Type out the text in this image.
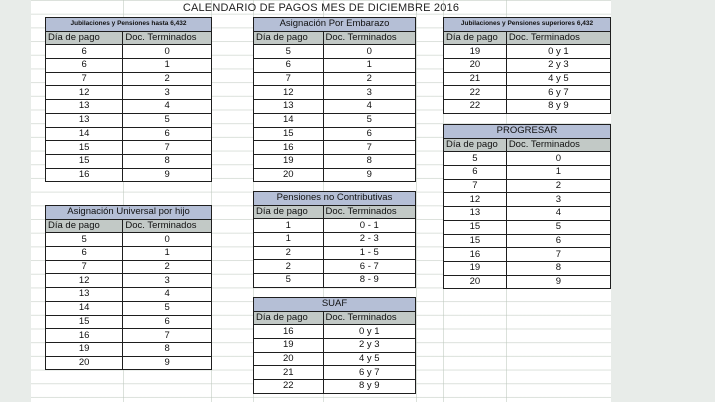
CALENDARIO DE PAGOS MES DE DICIEMBRE 2016
Jubilaciones y Pensiones hasta 6,432	
Día de pago	Doc. Terminados
6	0
6	1
7	2
12	3
13	4
13	5
14	6
15	7
15	8
16	9
Asignación Universal por hijo	
Día de pago	Doc. Terminados
5	0
6	1
7	2
12	3
13	4
14	5
15	6
16	7
19	8
20	9
Asignación Por Embarazo	
Día de pago	Doc. Terminados
5	0
6	1
7	2
12	3
13	4
14	5
15	6
16	7
19	8
20	9
Pensiones no Contributivas	
Día de pago	Doc. Terminados
1	0 - 1
1	2 - 3
2	1 - 5
2	6 - 7
5	8 - 9
SUAF	
Día de pago	Doc. Terminados
16	0 y 1
19	2 y 3
20	4 y 5
21	6 y 7
22	8 y 9
Jubilaciones y Pensiones superiores 6,432	
Día de pago	Doc. Terminados
19	0 y 1
20	2 y 3
21	4 y 5
22	6 y 7
22	8 y 9
PROGRESAR	
Día de pago	Doc. Terminados
5	0
6	1
7	2
12	3
13	4
15	5
15	6
16	7
19	8
20	9
